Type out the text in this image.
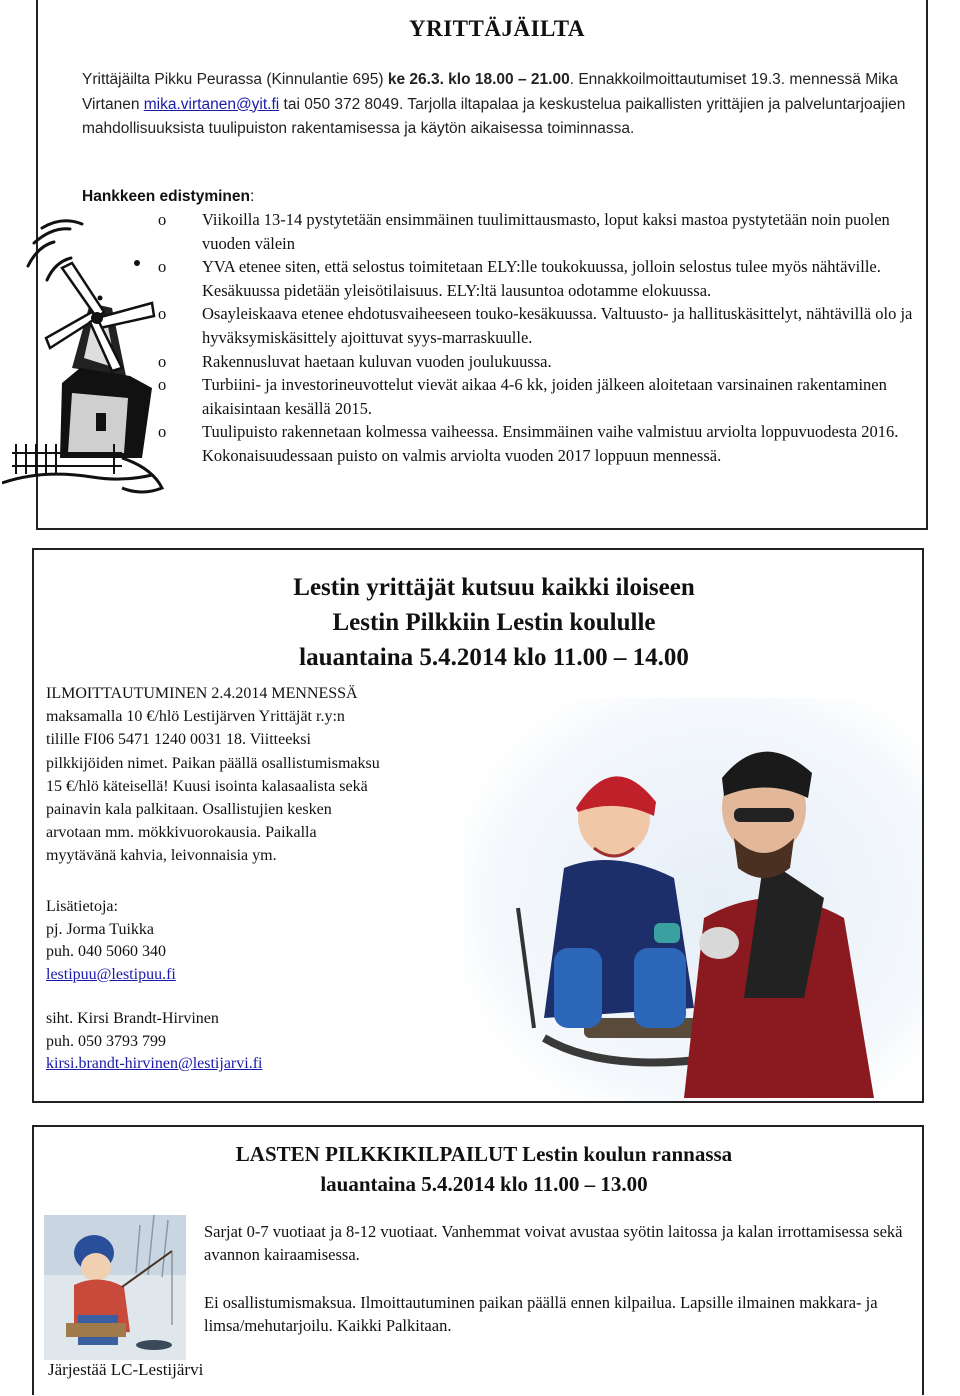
YRITTÄJÄILTA
Yrittäjäilta Pikku Peurassa (Kinnulantie 695) ke 26.3. klo 18.00 – 21.00. Ennakkoilmoittautumiset 19.3. mennessä Mika Virtanen mika.virtanen@yit.fi tai 050 372 8049. Tarjolla iltapalaa ja keskustelua paikallisten yrittäjien ja palveluntarjoajien mahdollisuuksista tuulipuiston rakentamisessa ja käytön aikaisessa toiminnassa.
Hankkeen edistyminen:
o Viikoilla 13-14 pystytetään ensimmäinen tuulimittausmasto, loput kaksi mastoa pystytetään noin puolen vuoden välein
o YVA etenee siten, että selostus toimitetaan ELY:lle toukokuussa, jolloin selostus tulee myös nähtäville. Kesäkuussa pidetään yleisötilaisuus. ELY:ltä lausuntoa odotamme elokuussa.
o Osayleiskaava etenee ehdotusvaiheeseen touko-kesäkuussa. Valtuusto- ja hallituskäsittelyt, nähtävillä olo ja hyväksymiskäsittely ajoittuvat syys-marraskuulle.
o Rakennusluvat haetaan kuluvan vuoden joulukuussa.
o Turbiini- ja investorineuvottelut vievät aikaa 4-6 kk, joiden jälkeen aloitetaan varsinainen rakentaminen aikaisintaan kesällä 2015.
o Tuulipuisto rakennetaan kolmessa vaiheessa. Ensimmäinen vaihe valmistuu arviolta loppuvuodesta 2016. Kokonaisuudessaan puisto on valmis arviolta vuoden 2017 loppuun mennessä.
Lestin yrittäjät kutsuu kaikki iloiseen
Lestin Pilkkiin Lestin koululle
lauantaina 5.4.2014 klo 11.00 – 14.00
ILMOITTAUTUMINEN 2.4.2014 MENNESSÄ
maksamalla 10 €/hlö Lestijärven Yrittäjät r.y:n
tilille FI06 5471 1240 0031 18. Viitteeksi
pilkkijöiden nimet. Paikan päällä osallistumismaksu
15 €/hlö käteisellä! Kuusi isointa kalasaalista sekä
painavin kala palkitaan. Osallistujien kesken
arvotaan mm. mökkivuorokausia. Paikalla
myytävänä kahvia, leivonnaisia ym.
Lisätietoja:
pj. Jorma Tuikka
puh. 040 5060 340
lestipuu@lestipuu.fi
siht. Kirsi Brandt-Hirvinen
puh. 050 3793 799
kirsi.brandt-hirvinen@lestijarvi.fi
LASTEN PILKKIKILPAILUT Lestin koulun rannassa
lauantaina 5.4.2014 klo 11.00 – 13.00
Sarjat 0-7 vuotiaat ja 8-12 vuotiaat. Vanhemmat voivat avustaa syötin laitossa ja kalan irrottamisessa sekä avannon kairaamisessa.
Ei osallistumismaksua. Ilmoittautuminen paikan päällä ennen kilpailua. Lapsille ilmainen makkara- ja limsa/mehutarjoilu. Kaikki Palkitaan.
Järjestää LC-Lestijärvi
